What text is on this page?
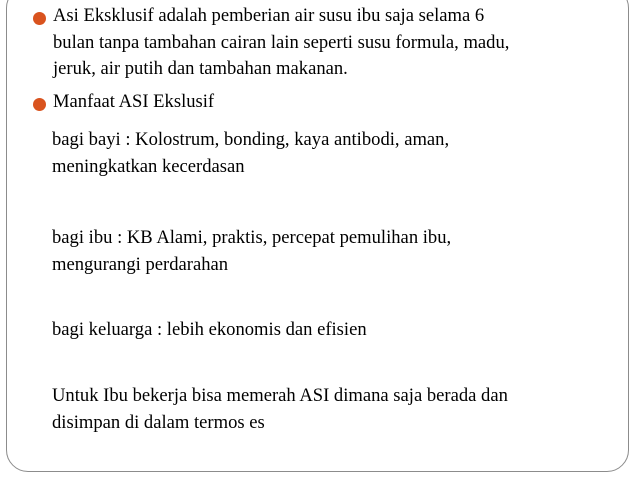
Asi Eksklusif adalah pemberian air susu ibu saja selama 6
bulan tanpa tambahan cairan lain seperti susu formula, madu,
jeruk, air putih dan tambahan makanan.
Manfaat ASI Ekslusif
bagi bayi : Kolostrum, bonding, kaya antibodi, aman,
meningkatkan kecerdasan
bagi ibu : KB Alami, praktis, percepat pemulihan ibu,
mengurangi perdarahan
bagi keluarga : lebih ekonomis dan efisien
Untuk Ibu bekerja bisa memerah ASI dimana saja berada dan
disimpan di dalam termos es
